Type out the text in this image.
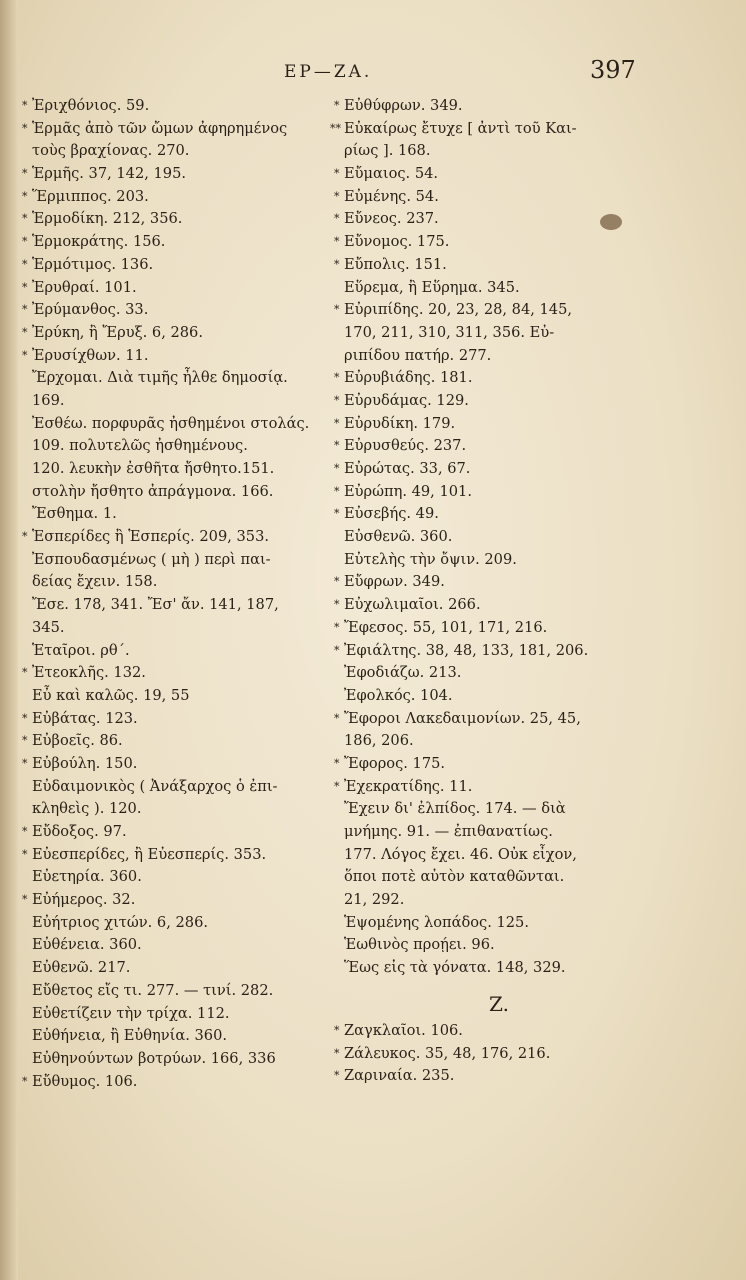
ΕΡ—ΖΑ.	397
* Ἐριχθόνιος. 59.
* Ἑρμᾶς ἀπὸ τῶν ὤμων ἀφηρημένος
τοὺς βραχίονας. 270.
* Ἑρμῆς. 37, 142, 195.
* Ἕρμιππος. 203.
* Ἑρμοδίκη. 212, 356.
* Ἑρμοκράτης. 156.
* Ἑρμότιμος. 136.
* Ἐρυθραί. 101.
* Ἐρύμανθος. 33.
* Ἐρύκη, ἢ Ἔρυξ. 6, 286.
* Ἐρυσίχθων. 11.
Ἔρχομαι. Διὰ τιμῆς ἦλθε δημοσίᾳ.
169.
Ἐσθέω. πορφυρᾶς ἠσθημένοι στολάς.
109. πολυτελῶς ἠσθημένους.
120. λευκὴν ἐσθῆτα ἤσθητο.151.
στολὴν ἤσθητο ἀπράγμονα. 166.
Ἔσθημα. 1.
* Ἑσπερίδες ἢ Ἑσπερίς. 209, 353.
Ἐσπουδασμένως ( μὴ ) περὶ παι-
δείας ἔχειν. 158.
Ἔσε. 178, 341. Ἔσ' ἄν. 141, 187,
345.
Ἑταῖροι. ρθ΄.
* Ἐτεοκλῆς. 132.
Εὖ καὶ καλῶς. 19, 55
* Εὐβάτας. 123.
* Εὐβοεῖς. 86.
* Εὐβούλη. 150.
Εὐδαιμονικὸς ( Ἀνάξαρχος ὁ ἐπι-
κληθεὶς ). 120.
* Εὔδοξος. 97.
* Εὐεσπερίδες, ἢ Εὐεσπερίς. 353.
Εὐετηρία. 360.
* Εὐήμερος. 32.
Εὐήτριος χιτών. 6, 286.
Εὐθένεια. 360.
Εὐθενῶ. 217.
Εὔθετος εἴς τι. 277. — τινί. 282.
Εὐθετίζειν τὴν τρίχα. 112.
Εὐθήνεια, ἢ Εὐθηνία. 360.
Εὐθηνούντων βοτρύων. 166, 336
* Εὔθυμος. 106.
* Εὐθύφρων. 349.
** Εὐκαίρως ἔτυχε [ ἀντὶ τοῦ Και-
ρίως ]. 168.
* Εὔμαιος. 54.
* Εὐμένης. 54.
* Εὔνεος. 237.
* Εὔνομος. 175.
* Εὔπολις. 151.
Εὕρεμα, ἢ Εὕρημα. 345.
* Εὐριπίδης. 20, 23, 28, 84, 145,
170, 211, 310, 311, 356. Εὐ-
ριπίδου πατήρ. 277.
* Εὐρυβιάδης. 181.
* Εὐρυδάμας. 129.
* Εὐρυδίκη. 179.
* Εὐρυσθεύς. 237.
* Εὐρώτας. 33, 67.
* Εὐρώπη. 49, 101.
* Εὐσεβής. 49.
Εὐσθενῶ. 360.
Εὐτελὴς τὴν ὄψιν. 209.
* Εὔφρων. 349.
* Εὐχωλιμαῖοι. 266.
* Ἔφεσος. 55, 101, 171, 216.
* Ἐφιάλτης. 38, 48, 133, 181, 206.
Ἐφοδιάζω. 213.
Ἐφολκός. 104.
* Ἔφοροι Λακεδαιμονίων. 25, 45,
186, 206.
* Ἔφορος. 175.
* Ἐχεκρατίδης. 11.
Ἔχειν δι' ἐλπίδος. 174. — διὰ
μνήμης. 91. — ἐπιθανατίως.
177. Λόγος ἔχει. 46. Οὐκ εἶχον,
ὅποι ποτὲ αὐτὸν καταθῶνται.
21, 292.
Ἑψομένης λοπάδος. 125.
Ἑωθινὸς προῄει. 96.
Ἕως εἰς τὰ γόνατα. 148, 329.
Z.
* Ζαγκλαῖοι. 106.
* Ζάλευκος. 35, 48, 176, 216.
* Ζαριναία. 235.
